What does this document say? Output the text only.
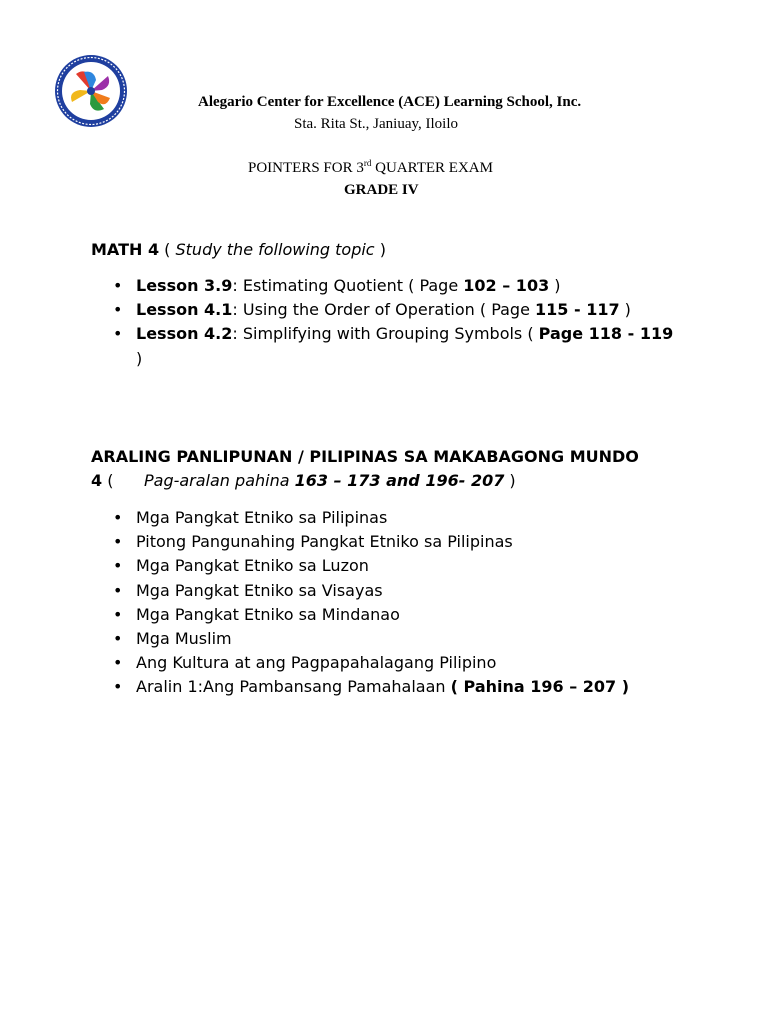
Alegario Center for Excellence (ACE) Learning School, Inc.
Sta. Rita St., Janiuay, Iloilo
POINTERS FOR 3rd QUARTER EXAM
GRADE IV
MATH 4 ( Study the following topic )
• Lesson 3.9: Estimating Quotient ( Page 102 – 103 )
• Lesson 4.1: Using the Order of Operation ( Page 115 - 117 )
• Lesson 4.2: Simplifying with Grouping Symbols ( Page 118 - 119 )
ARALING PANLIPUNAN / PILIPINAS SA MAKABAGONG MUNDO 4 (      Pag-aralan pahina 163 – 173 and 196- 207 )
• Mga Pangkat Etniko sa Pilipinas
• Pitong Pangunahing Pangkat Etniko sa Pilipinas
• Mga Pangkat Etniko sa Luzon
• Mga Pangkat Etniko sa Visayas
• Mga Pangkat Etniko sa Mindanao
• Mga Muslim
• Ang Kultura at ang Pagpapahalagang Pilipino
• Aralin 1:Ang Pambansang Pamahalaan ( Pahina 196 – 207 )
